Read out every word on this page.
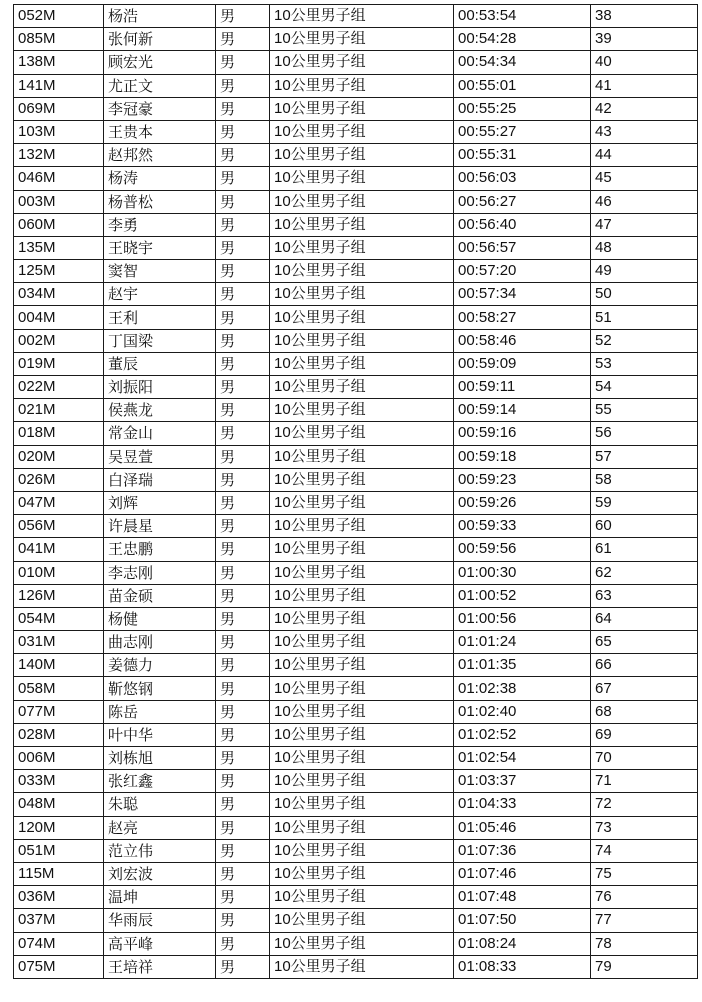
052M	杨浩	男	10公里男子组	00:53:54	38
085M	张何新	男	10公里男子组	00:54:28	39
138M	顾宏光	男	10公里男子组	00:54:34	40
141M	尤正文	男	10公里男子组	00:55:01	41
069M	李冠豪	男	10公里男子组	00:55:25	42
103M	王贵本	男	10公里男子组	00:55:27	43
132M	赵邦然	男	10公里男子组	00:55:31	44
046M	杨涛	男	10公里男子组	00:56:03	45
003M	杨普松	男	10公里男子组	00:56:27	46
060M	李勇	男	10公里男子组	00:56:40	47
135M	王晓宇	男	10公里男子组	00:56:57	48
125M	窦智	男	10公里男子组	00:57:20	49
034M	赵宇	男	10公里男子组	00:57:34	50
004M	王利	男	10公里男子组	00:58:27	51
002M	丁国梁	男	10公里男子组	00:58:46	52
019M	董辰	男	10公里男子组	00:59:09	53
022M	刘振阳	男	10公里男子组	00:59:11	54
021M	侯燕龙	男	10公里男子组	00:59:14	55
018M	常金山	男	10公里男子组	00:59:16	56
020M	吴昱萱	男	10公里男子组	00:59:18	57
026M	白泽瑞	男	10公里男子组	00:59:23	58
047M	刘辉	男	10公里男子组	00:59:26	59
056M	许晨星	男	10公里男子组	00:59:33	60
041M	王忠鹏	男	10公里男子组	00:59:56	61
010M	李志刚	男	10公里男子组	01:00:30	62
126M	苗金硕	男	10公里男子组	01:00:52	63
054M	杨健	男	10公里男子组	01:00:56	64
031M	曲志刚	男	10公里男子组	01:01:24	65
140M	姜德力	男	10公里男子组	01:01:35	66
058M	靳悠钢	男	10公里男子组	01:02:38	67
077M	陈岳	男	10公里男子组	01:02:40	68
028M	叶中华	男	10公里男子组	01:02:52	69
006M	刘栋旭	男	10公里男子组	01:02:54	70
033M	张红鑫	男	10公里男子组	01:03:37	71
048M	朱聪	男	10公里男子组	01:04:33	72
120M	赵亮	男	10公里男子组	01:05:46	73
051M	范立伟	男	10公里男子组	01:07:36	74
115M	刘宏波	男	10公里男子组	01:07:46	75
036M	温坤	男	10公里男子组	01:07:48	76
037M	华雨辰	男	10公里男子组	01:07:50	77
074M	高平峰	男	10公里男子组	01:08:24	78
075M	王培祥	男	10公里男子组	01:08:33	79
